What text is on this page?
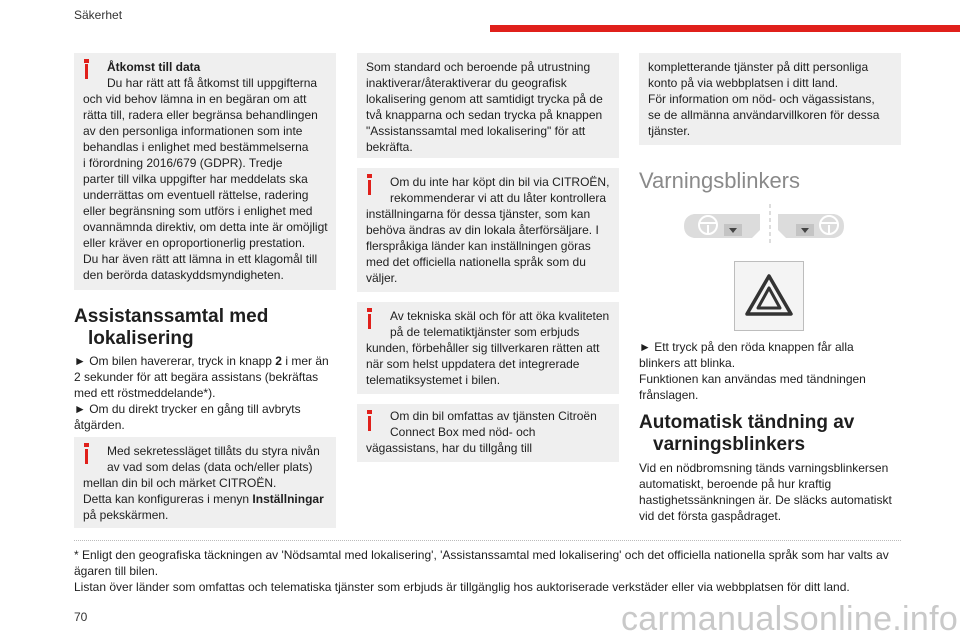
Säkerhet

Åtkomst till data

Du har rätt att få åtkomst till uppgifterna

och vid behov lämna in en begäran om att

rätta till, radera eller begränsa behandlingen

av den personliga informationen som inte

behandlas i enlighet med bestämmelserna

i förordning 2016/679 (GDPR). Tredje

parter till vilka uppgifter har meddelats ska

underrättas om eventuell rättelse, radering

eller begränsning som utförs i enlighet med

ovannämnda direktiv, om detta inte är omöjligt

eller kräver en oproportionerlig prestation.

Du har även rätt att lämna in ett klagomål till

den berörda dataskyddsmyndigheten.

Assistanssamtal med
lokalisering

► Om bilen havererar, tryck in knapp 2 i mer än

2 sekunder för att begära assistans (bekräftas

med ett röstmeddelande*).

► Om du direkt trycker en gång till avbryts

åtgärden.

Med sekretessläget tillåts du styra nivån

av vad som delas (data och/eller plats)

mellan din bil och märket CITROËN.

Detta kan konfigureras i menyn Inställningar

på pekskärmen.

Som standard och beroende på utrustning

inaktiverar/återaktiverar du geografisk

lokalisering genom att samtidigt trycka på de

två knapparna och sedan trycka på knappen

"Assistanssamtal med lokalisering" för att

bekräfta.

Om du inte har köpt din bil via CITROËN,

rekommenderar vi att du låter kontrollera

inställningarna för dessa tjänster, som kan

behöva ändras av din lokala återförsäljare. I

flerspråkiga länder kan inställningen göras

med det officiella nationella språk som du

väljer.

Av tekniska skäl och för att öka kvaliteten

på de telematiktjänster som erbjuds

kunden, förbehåller sig tillverkaren rätten att

när som helst uppdatera det integrerade

telematiksystemet i bilen.

Om din bil omfattas av tjänsten Citroën

Connect Box med nöd- och

vägassistans, har du tillgång till

kompletterande tjänster på ditt personliga

konto på via webbplatsen i ditt land.

För information om nöd- och vägassistans,

se de allmänna användarvillkoren för dessa

tjänster.

Varningsblinkers

► Ett tryck på den röda knappen får alla

blinkers att blinka.

Funktionen kan användas med tändningen

frånslagen.

Automatisk tändning av
varningsblinkers

Vid en nödbromsning tänds varningsblinkersen

automatiskt, beroende på hur kraftig

hastighetssänkningen är. De släcks automatiskt

vid det första gaspådraget.

* Enligt den geografiska täckningen av 'Nödsamtal med lokalisering', 'Assistanssamtal med lokalisering' och det officiella nationella språk som har valts av
ägaren till bilen.
Listan över länder som omfattas och telematiska tjänster som erbjuds är tillgänglig hos auktoriserade verkstäder eller via webbplatsen för ditt land.
70	carmanualsonline.info
